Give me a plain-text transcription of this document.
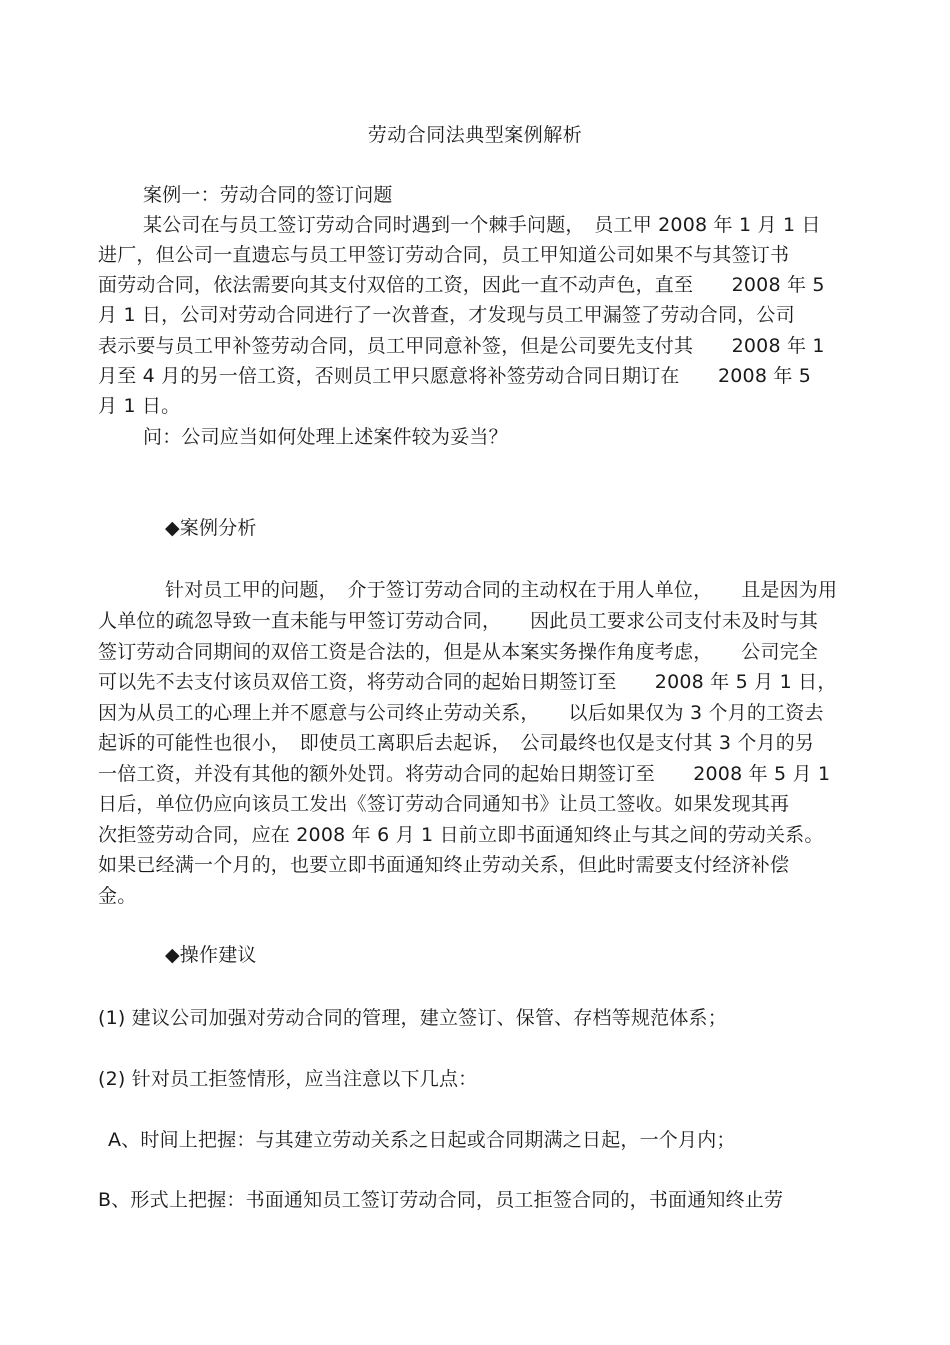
劳动合同法典型案例解析
案例一：劳动合同的签订问题
某公司在与员工签订劳动合同时遇到一个棘手问题，　员工甲 2008 年 1 月 1 日
进厂，但公司一直遗忘与员工甲签订劳动合同，员工甲知道公司如果不与其签订书
面劳动合同，依法需要向其支付双倍的工资，因此一直不动声色，直至　　2008 年 5
月 1 日，公司对劳动合同进行了一次普查，才发现与员工甲漏签了劳动合同，公司
表示要与员工甲补签劳动合同，员工甲同意补签，但是公司要先支付其　　2008 年 1
月至 4 月的另一倍工资，否则员工甲只愿意将补签劳动合同日期订在　　2008 年 5
月 1 日。
问：公司应当如何处理上述案件较为妥当？
◆案例分析
针对员工甲的问题，　介于签订劳动合同的主动权在于用人单位，　　且是因为用
人单位的疏忽导致一直未能与甲签订劳动合同，　　因此员工要求公司支付未及时与其
签订劳动合同期间的双倍工资是合法的，但是从本案实务操作角度考虑，　　公司完全
可以先不去支付该员双倍工资，将劳动合同的起始日期签订至　　2008 年 5 月 1 日，
因为从员工的心理上并不愿意与公司终止劳动关系，　　以后如果仅为 3 个月的工资去
起诉的可能性也很小，　即使员工离职后去起诉，　公司最终也仅是支付其 3 个月的另
一倍工资，并没有其他的额外处罚。将劳动合同的起始日期签订至　　2008 年 5 月 1
日后，单位仍应向该员工发出《签订劳动合同通知书》让员工签收。如果发现其再
次拒签劳动合同，应在 2008 年 6 月 1 日前立即书面通知终止与其之间的劳动关系。
如果已经满一个月的，也要立即书面通知终止劳动关系，但此时需要支付经济补偿
金。
◆操作建议
(1) 建议公司加强对劳动合同的管理，建立签订、保管、存档等规范体系；
(2) 针对员工拒签情形，应当注意以下几点：
A、时间上把握：与其建立劳动关系之日起或合同期满之日起，一个月内；
B、形式上把握：书面通知员工签订劳动合同，员工拒签合同的，书面通知终止劳
